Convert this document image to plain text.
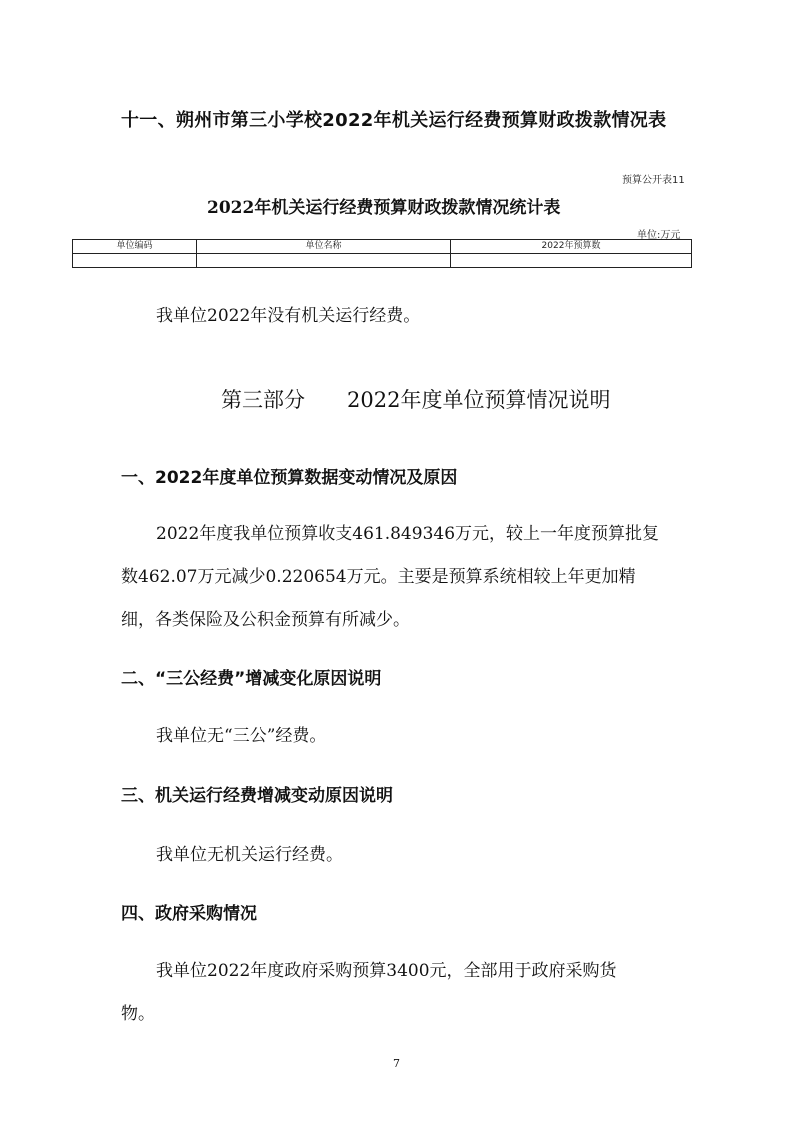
十一、朔州市第三小学校2022年机关运行经费预算财政拨款情况表
预算公开表11
2022年机关运行经费预算财政拨款情况统计表
单位:万元
单位编码	单位名称	2022年预算数

我单位2022年没有机关运行经费。
第三部分　　2022年度单位预算情况说明
一、2022年度单位预算数据变动情况及原因
2022年度我单位预算收支461.849346万元，较上一年度预算批复
数462.07万元减少0.220654万元。主要是预算系统相较上年更加精
细，各类保险及公积金预算有所减少。
二、“三公经费”增减变化原因说明
我单位无“三公”经费。
三、机关运行经费增减变动原因说明
我单位无机关运行经费。
四、政府采购情况
我单位2022年度政府采购预算3400元，全部用于政府采购货
物。
7
